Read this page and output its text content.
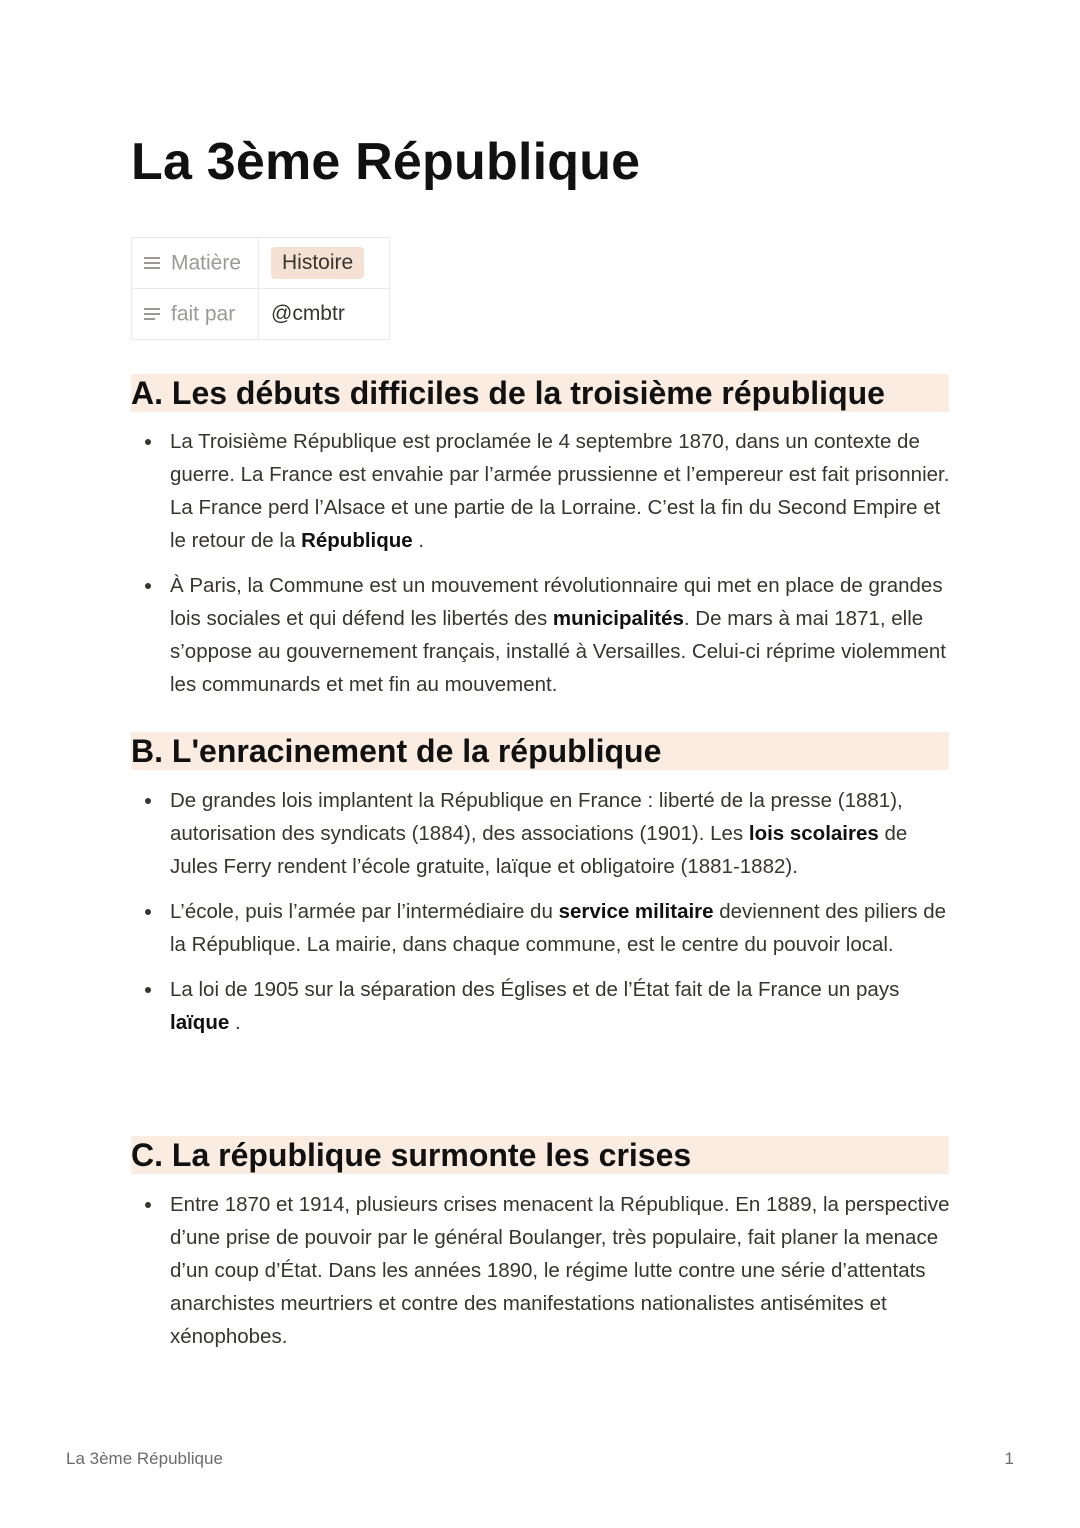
La 3ème République
Matière	Histoire

fait par	@cmbtr
A. Les débuts difficiles de la troisième république
La Troisième République est proclamée le 4 septembre 1870, dans un contexte de guerre. La France est envahie par l’armée prussienne et l’empereur est fait prisonnier. La France perd l’Alsace et une partie de la Lorraine. C’est la fin du Second Empire et le retour de la République .
À Paris, la Commune est un mouvement révolutionnaire qui met en place de grandes lois sociales et qui défend les libertés des municipalités. De mars à mai 1871, elle s’oppose au gouvernement français, installé à Versailles. Celui-ci réprime violemment les communards et met fin au mouvement.
B. L'enracinement de la république
De grandes lois implantent la République en France : liberté de la presse (1881), autorisation des syndicats (1884), des associations (1901). Les lois scolaires de Jules Ferry rendent l’école gratuite, laïque et obligatoire (1881-1882).
L’école, puis l’armée par l’intermédiaire du service militaire deviennent des piliers de la République. La mairie, dans chaque commune, est le centre du pouvoir local.
La loi de 1905 sur la séparation des Églises et de l’État fait de la France un pays laïque .
C. La république surmonte les crises
Entre 1870 et 1914, plusieurs crises menacent la République. En 1889, la perspective d’une prise de pouvoir par le général Boulanger, très populaire, fait planer la menace d’un coup d’État. Dans les années 1890, le régime lutte contre une série d’attentats anarchistes meurtriers et contre des manifestations nationalistes antisémites et xénophobes.
La 3ème République	1
